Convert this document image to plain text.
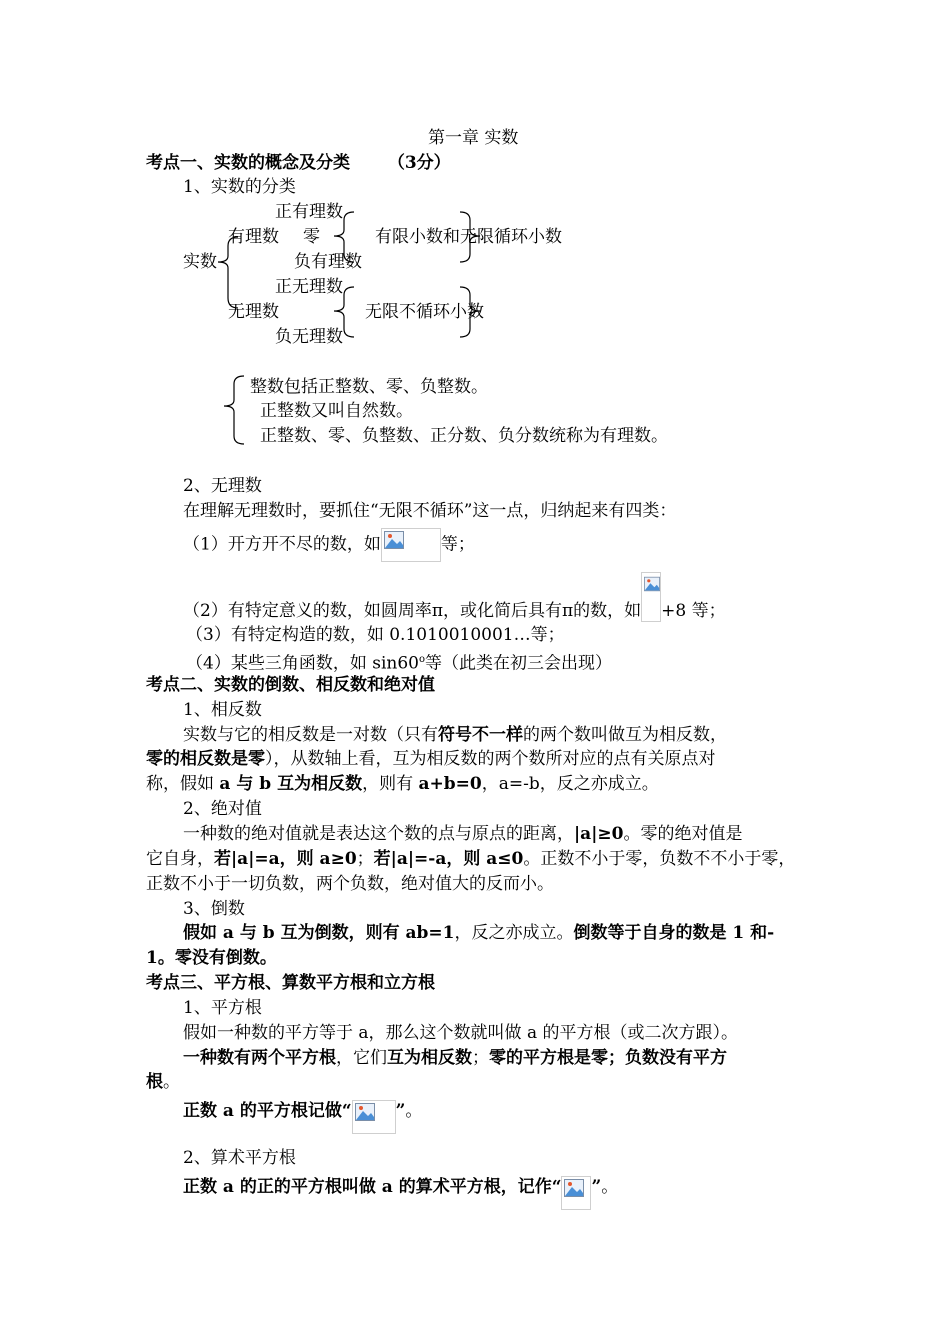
第一章 实数
考点一、实数的概念及分类 （3分）
1、实数的分类
正有理数
有理数 零	有限小数和无限循环小数
实数	负有理数
正无理数
无理数	无限不循环小数
负无理数
整数包括正整数、零、负整数。
正整数又叫自然数。
正整数、零、负整数、正分数、负分数统称为有理数。
2、无理数
在理解无理数时，要抓住“无限不循环”这一点，归纳起来有四类：
（1）开方开不尽的数，如	等；
（2）有特定意义的数，如圆周率π，或化简后具有π的数，如 +8 等；
（3）有特定构造的数，如 0.1010010001…等；
（4）某些三角函数，如 sin60$^o$等（此类在初三会出现）
考点二、实数的倒数、相反数和绝对值
1、相反数
实数与它的相反数是一对数（只有符号不一样的两个数叫做互为相反数，
零的相反数是零），从数轴上看，互为相反数的两个数所对应的点有关原点对
称，假如 a 与 b 互为相反数，则有 a+b=0，a=-b，反之亦成立。
2、绝对值
一种数的绝对值就是表达这个数的点与原点的距离，|a|≥0。零的绝对值是
它自身，若|a|=a，则 a≥0；若|a|=-a，则 a≤0。正数不小于零，负数不不小于零，
正数不小于一切负数，两个负数，绝对值大的反而小。
3、倒数
假如 a 与 b 互为倒数，则有 ab=1，反之亦成立。倒数等于自身的数是 1 和-
1。零没有倒数。
考点三、平方根、算数平方根和立方根
1、平方根
假如一种数的平方等于 a，那么这个数就叫做 a 的平方根（或二次方跟）。
一种数有两个平方根，它们互为相反数；零的平方根是零；负数没有平方
根。
正数 a 的平方根记做“	”。
2、算术平方根
正数 a 的正的平方根叫做 a 的算术平方根，记作“ ”。
